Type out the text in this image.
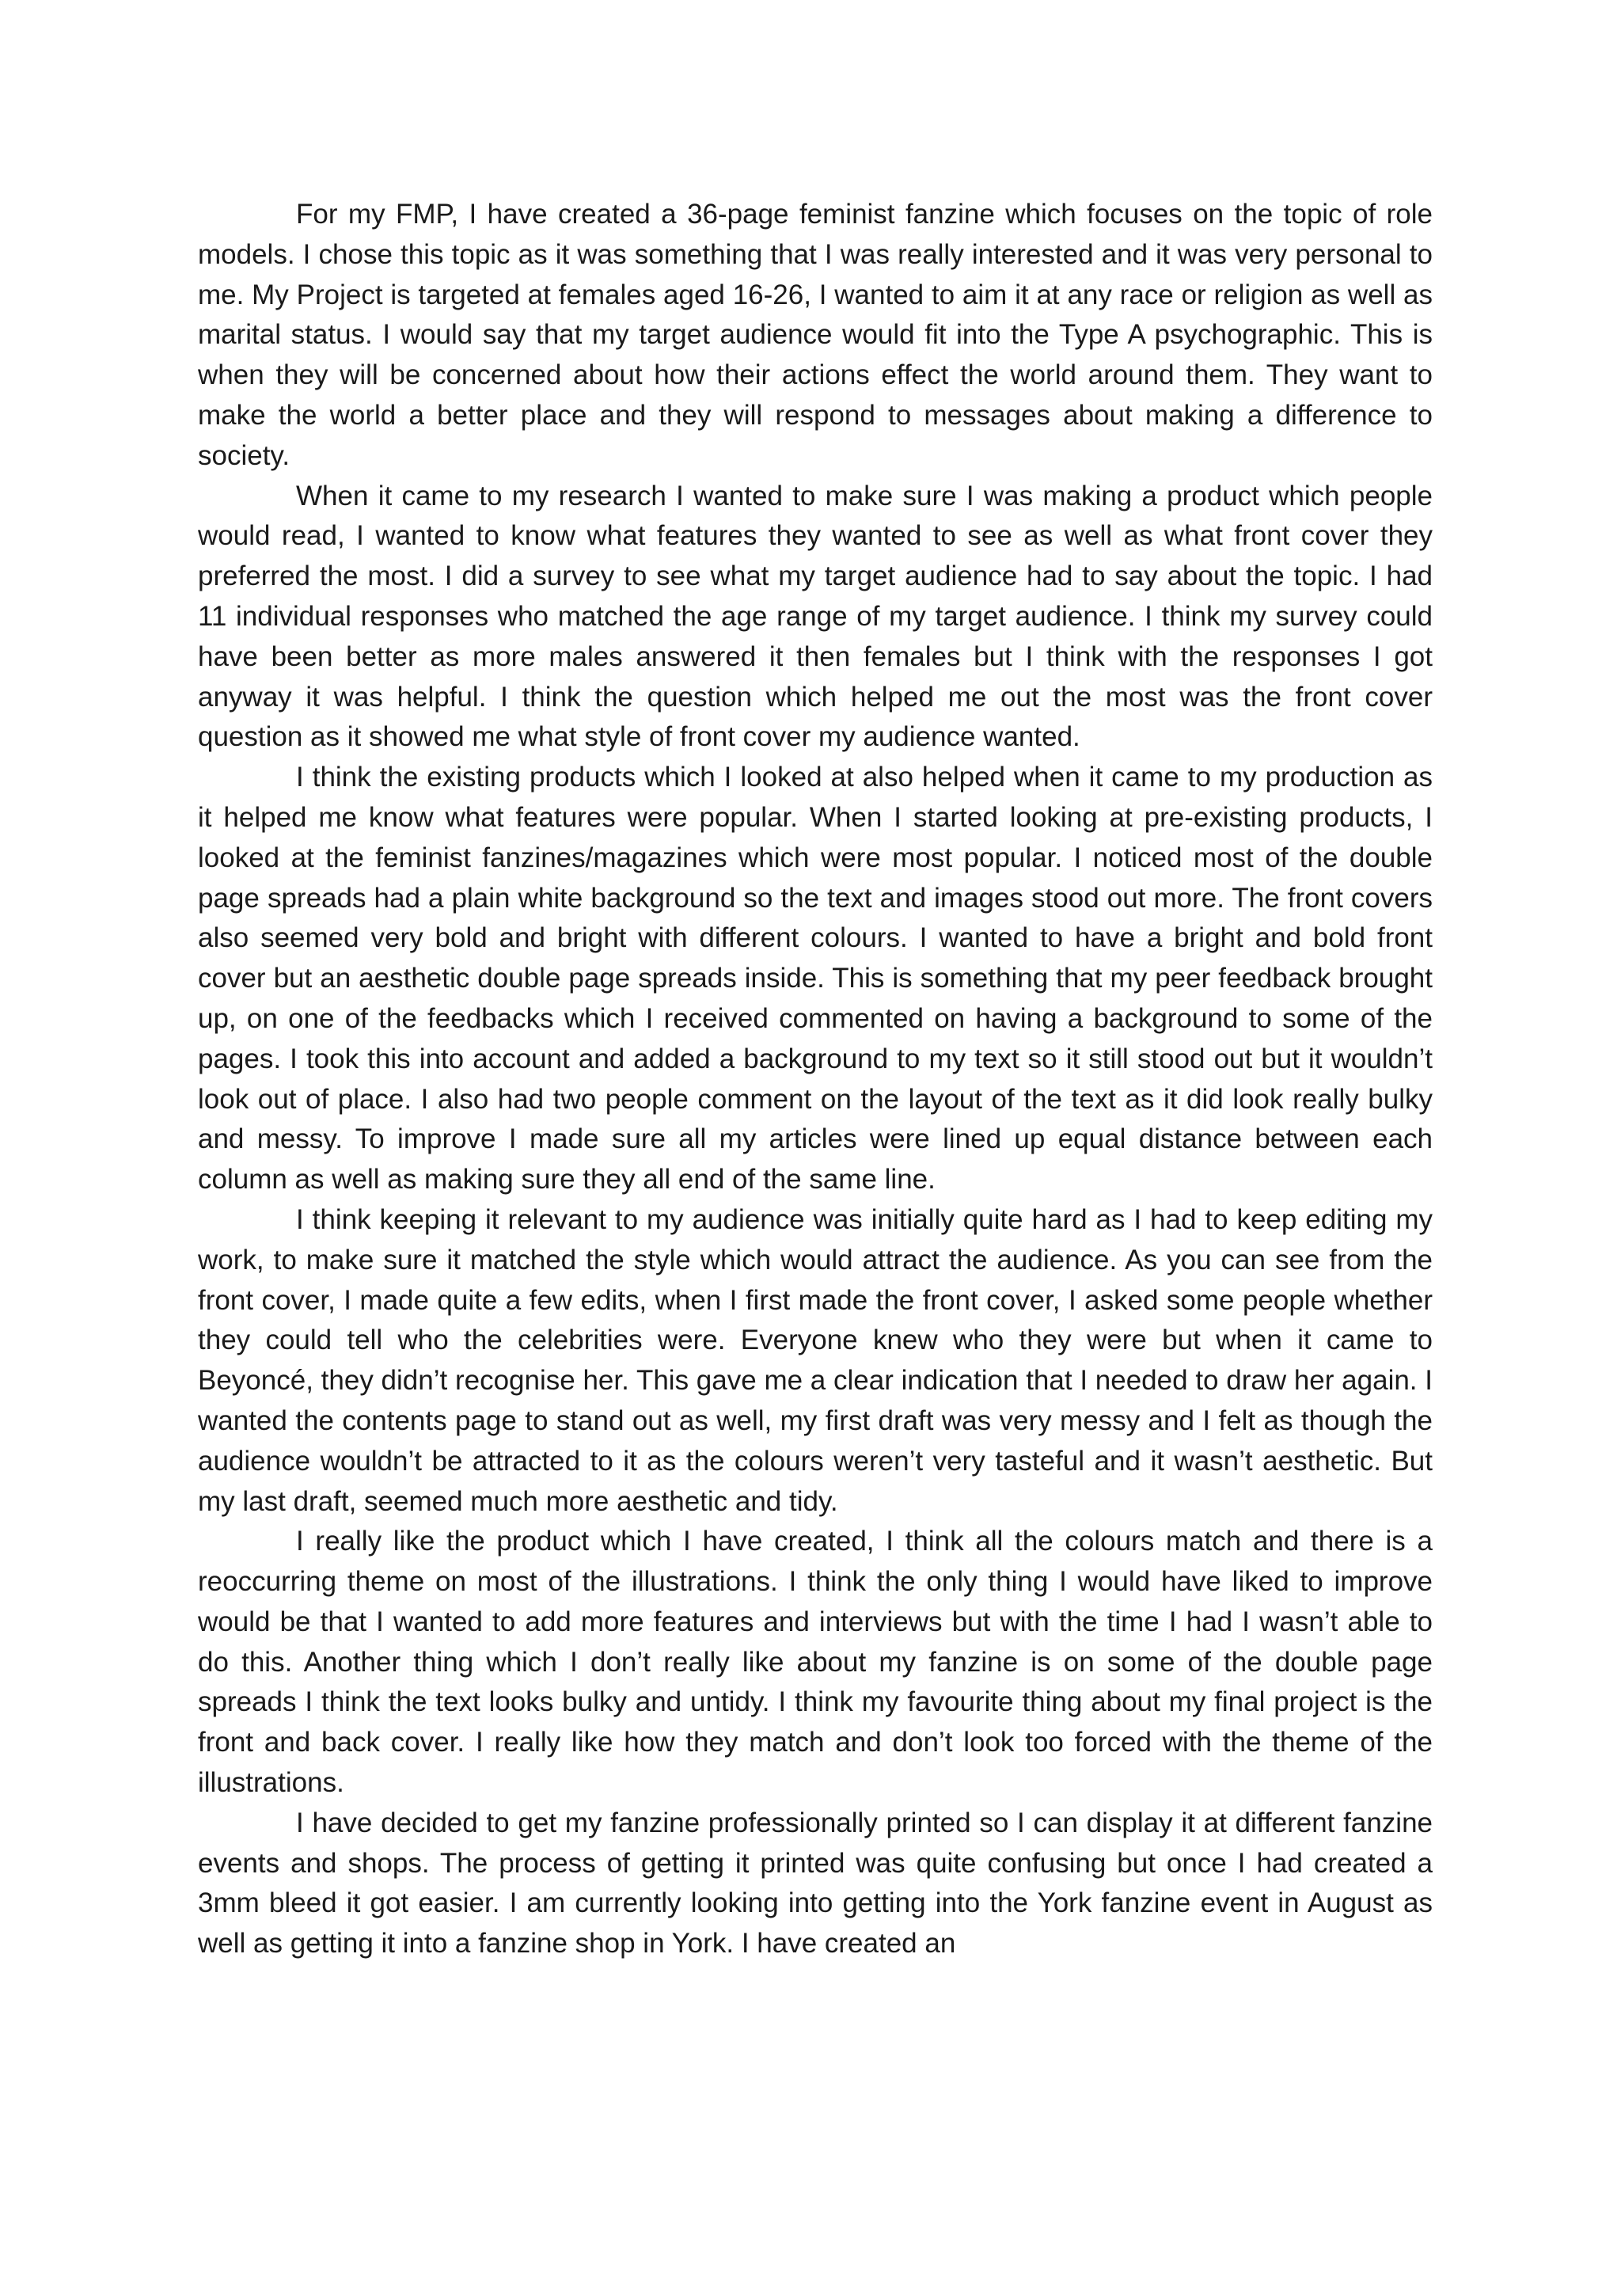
For my FMP, I have created a 36-page feminist fanzine which focuses on the topic of role models. I chose this topic as it was something that I was really interested and it was very personal to me. My Project is targeted at females aged 16-26, I wanted to aim it at any race or religion as well as marital status. I would say that my target audience would fit into the Type A psychographic. This is when they will be concerned about how their actions effect the world around them. They want to make the world a better place and they will respond to messages about making a difference to society.

When it came to my research I wanted to make sure I was making a product which people would read, I wanted to know what features they wanted to see as well as what front cover they preferred the most. I did a survey to see what my target audience had to say about the topic. I had 11 individual responses who matched the age range of my target audience. I think my survey could have been better as more males answered it then females but I think with the responses I got anyway it was helpful. I think the question which helped me out the most was the front cover question as it showed me what style of front cover my audience wanted.

I think the existing products which I looked at also helped when it came to my production as it helped me know what features were popular. When I started looking at pre-existing products, I looked at the feminist fanzines/magazines which were most popular. I noticed most of the double page spreads had a plain white background so the text and images stood out more. The front covers also seemed very bold and bright with different colours. I wanted to have a bright and bold front cover but an aesthetic double page spreads inside. This is something that my peer feedback brought up, on one of the feedbacks which I received commented on having a background to some of the pages. I took this into account and added a background to my text so it still stood out but it wouldn’t look out of place. I also had two people comment on the layout of the text as it did look really bulky and messy. To improve I made sure all my articles were lined up equal distance between each column as well as making sure they all end of the same line.

I think keeping it relevant to my audience was initially quite hard as I had to keep editing my work, to make sure it matched the style which would attract the audience. As you can see from the front cover, I made quite a few edits, when I first made the front cover, I asked some people whether they could tell who the celebrities were. Everyone knew who they were but when it came to Beyoncé, they didn’t recognise her. This gave me a clear indication that I needed to draw her again. I wanted the contents page to stand out as well, my first draft was very messy and I felt as though the audience wouldn’t be attracted to it as the colours weren’t very tasteful and it wasn’t aesthetic. But my last draft, seemed much more aesthetic and tidy.

I really like the product which I have created, I think all the colours match and there is a reoccurring theme on most of the illustrations. I think the only thing I would have liked to improve would be that I wanted to add more features and interviews but with the time I had I wasn’t able to do this. Another thing which I don’t really like about my fanzine is on some of the double page spreads I think the text looks bulky and untidy. I think my favourite thing about my final project is the front and back cover. I really like how they match and don’t look too forced with the theme of the illustrations.

I have decided to get my fanzine professionally printed so I can display it at different fanzine events and shops. The process of getting it printed was quite confusing but once I had created a 3mm bleed it got easier. I am currently looking into getting into the York fanzine event in August as well as getting it into a fanzine shop in York. I have created an
